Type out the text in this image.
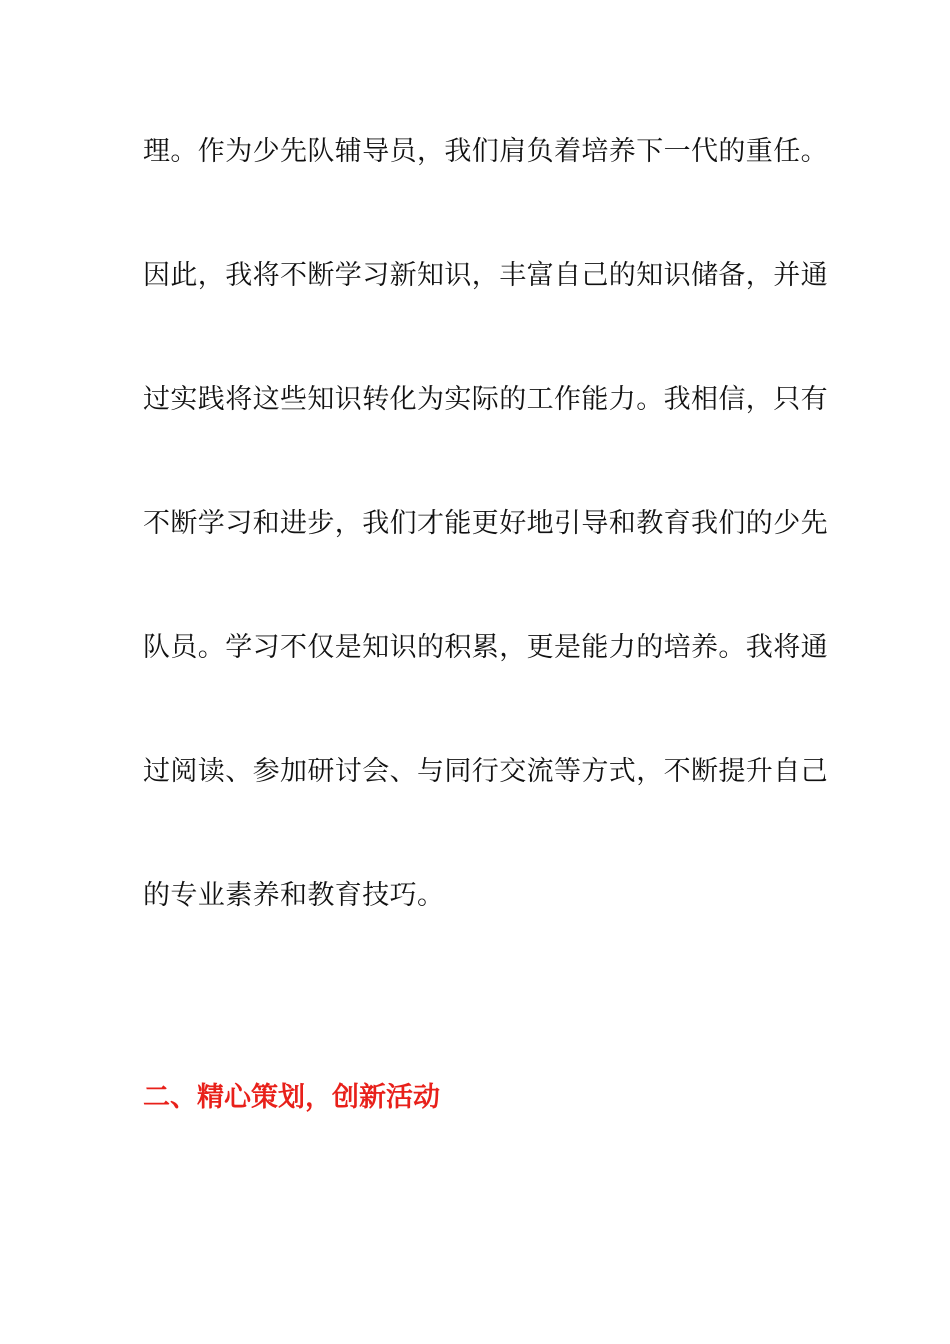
理。作为少先队辅导员，我们肩负着培养下一代的重任。
因此，我将不断学习新知识，丰富自己的知识储备，并通
过实践将这些知识转化为实际的工作能力。我相信，只有
不断学习和进步，我们才能更好地引导和教育我们的少先
队员。学习不仅是知识的积累，更是能力的培养。我将通
过阅读、参加研讨会、与同行交流等方式，不断提升自己
的专业素养和教育技巧。
二、精心策划，创新活动
